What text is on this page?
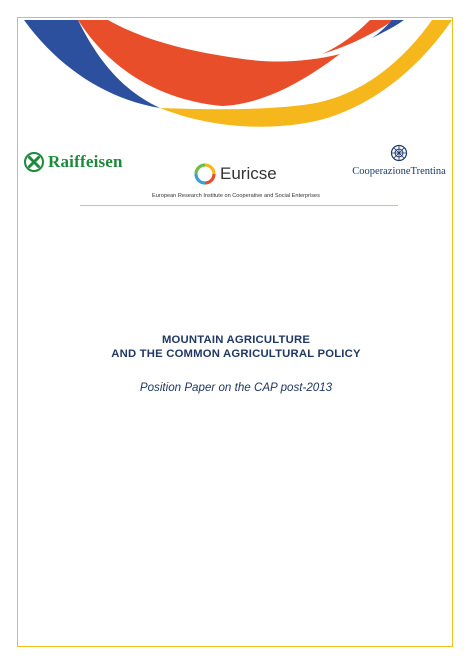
Raiffeisen
Euricse
European Research Institute on Cooperative and Social Enterprises
CooperazioneTrentina
MOUNTAIN AGRICULTURE
AND THE COMMON AGRICULTURAL POLICY
Position Paper on the CAP post-2013
